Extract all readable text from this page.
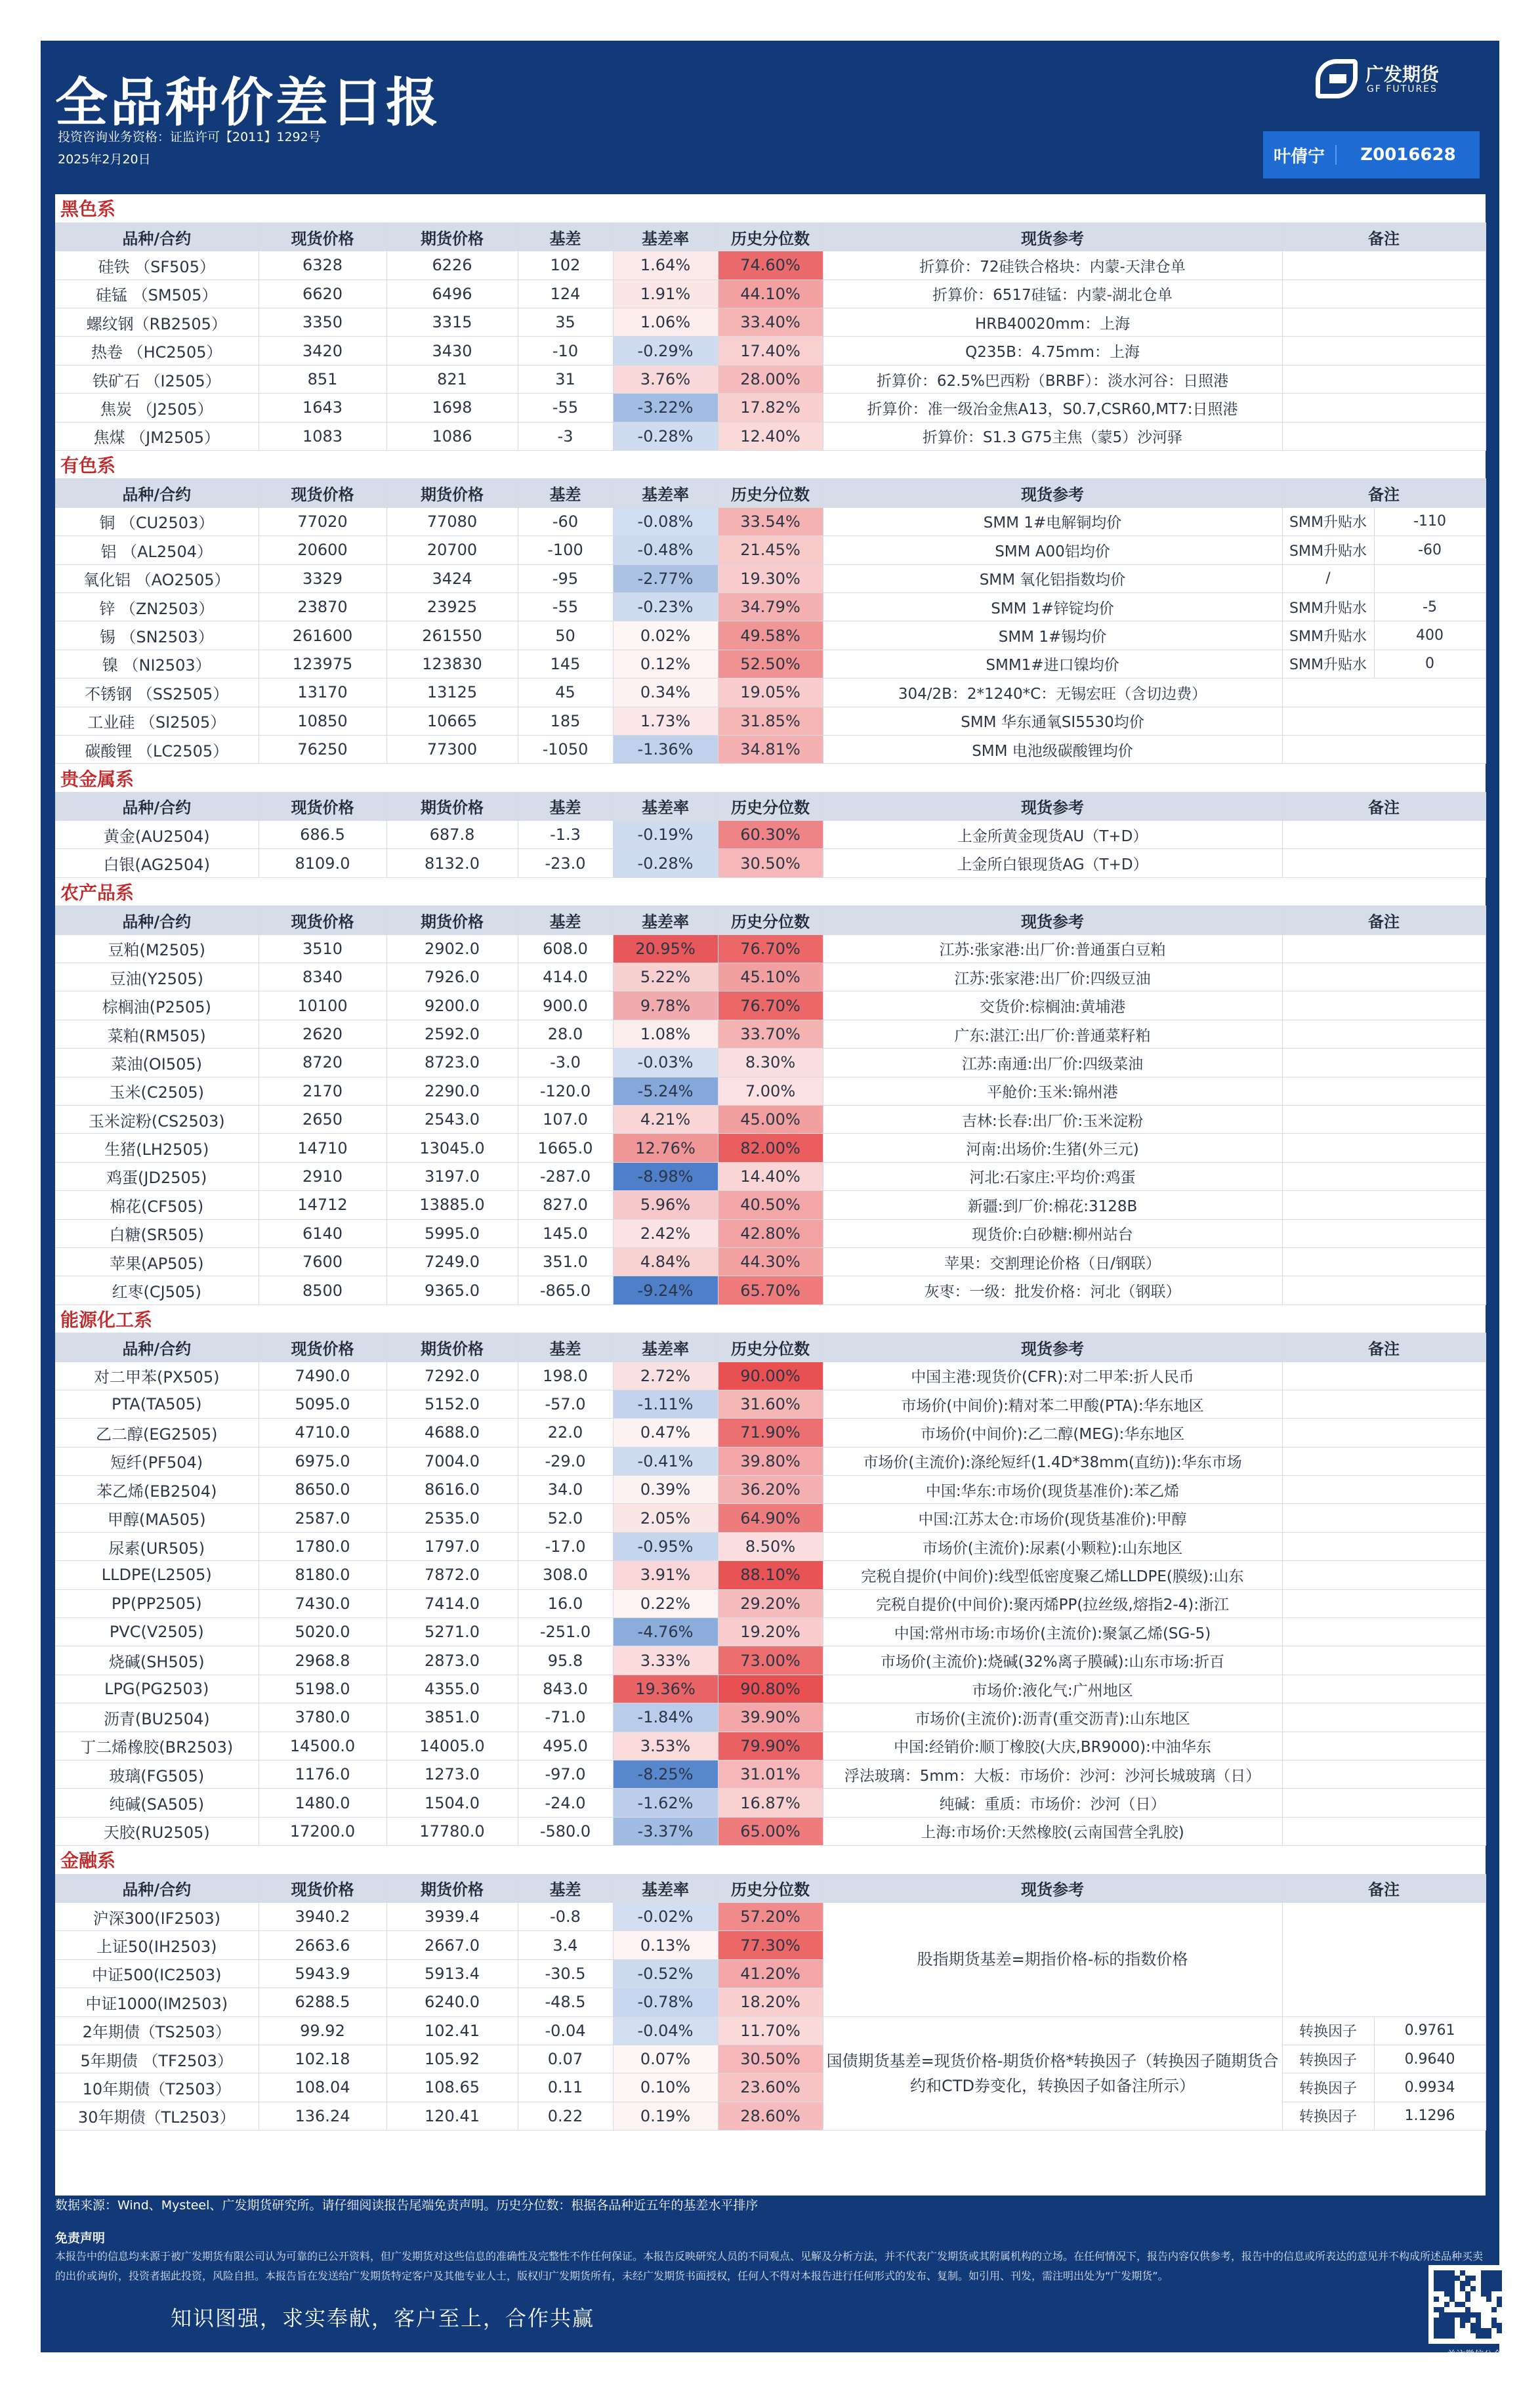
全品种价差日报
投资咨询业务资格：证监许可【2011】1292号
2025年2月20日
广发期货
GF FUTURES
叶倩宁	Z0016628
黑色系								
品种/合约	现货价格	期货价格	基差	基差率	历史分位数	现货参考	备注	
硅铁 （SF505）	6328	6226	102	1.64%	74.60%	折算价：72硅铁合格块：内蒙-天津仓单		
硅锰 （SM505）	6620	6496	124	1.91%	44.10%	折算价：6517硅锰：内蒙-湖北仓单		
螺纹钢（RB2505）	3350	3315	35	1.06%	33.40%	HRB40020mm：上海		
热卷 （HC2505）	3420	3430	-10	-0.29%	17.40%	Q235B：4.75mm：上海		
铁矿石 （I2505）	851	821	31	3.76%	28.00%	折算价：62.5%巴西粉（BRBF）：淡水河谷：日照港		
焦炭 （J2505）	1643	1698	-55	-3.22%	17.82%	折算价：准一级冶金焦A13，S0.7,CSR60,MT7:日照港		
焦煤 （JM2505）	1083	1086	-3	-0.28%	12.40%	折算价：S1.3 G75主焦（蒙5）沙河驿		
有色系								
品种/合约	现货价格	期货价格	基差	基差率	历史分位数	现货参考	备注	
铜 （CU2503）	77020	77080	-60	-0.08%	33.54%	SMM 1#电解铜均价	SMM升贴水	-110
铝 （AL2504）	20600	20700	-100	-0.48%	21.45%	SMM A00铝均价	SMM升贴水	-60
氧化铝 （AO2505）	3329	3424	-95	-2.77%	19.30%	SMM 氧化铝指数均价	/	
锌 （ZN2503）	23870	23925	-55	-0.23%	34.79%	SMM 1#锌锭均价	SMM升贴水	-5
锡 （SN2503）	261600	261550	50	0.02%	49.58%	SMM 1#锡均价	SMM升贴水	400
镍 （NI2503）	123975	123830	145	0.12%	52.50%	SMM1#进口镍均价	SMM升贴水	0
不锈钢 （SS2505）	13170	13125	45	0.34%	19.05%	304/2B：2*1240*C：无锡宏旺（含切边费）		
工业硅 （SI2505）	10850	10665	185	1.73%	31.85%	SMM 华东通氧SI5530均价		
碳酸锂 （LC2505）	76250	77300	-1050	-1.36%	34.81%	SMM 电池级碳酸锂均价		
贵金属系								
品种/合约	现货价格	期货价格	基差	基差率	历史分位数	现货参考	备注	
黄金(AU2504)	686.5	687.8	-1.3	-0.19%	60.30%	上金所黄金现货AU（T+D）		
白银(AG2504)	8109.0	8132.0	-23.0	-0.28%	30.50%	上金所白银现货AG（T+D）		
农产品系								
品种/合约	现货价格	期货价格	基差	基差率	历史分位数	现货参考	备注	
豆粕(M2505)	3510	2902.0	608.0	20.95%	76.70%	江苏:张家港:出厂价:普通蛋白豆粕		
豆油(Y2505)	8340	7926.0	414.0	5.22%	45.10%	江苏:张家港:出厂价:四级豆油		
棕榈油(P2505)	10100	9200.0	900.0	9.78%	76.70%	交货价:棕榈油:黄埔港		
菜粕(RM505)	2620	2592.0	28.0	1.08%	33.70%	广东:湛江:出厂价:普通菜籽粕		
菜油(OI505)	8720	8723.0	-3.0	-0.03%	8.30%	江苏:南通:出厂价:四级菜油		
玉米(C2505)	2170	2290.0	-120.0	-5.24%	7.00%	平舱价:玉米:锦州港		
玉米淀粉(CS2503)	2650	2543.0	107.0	4.21%	45.00%	吉林:长春:出厂价:玉米淀粉		
生猪(LH2505)	14710	13045.0	1665.0	12.76%	82.00%	河南:出场价:生猪(外三元)		
鸡蛋(JD2505)	2910	3197.0	-287.0	-8.98%	14.40%	河北:石家庄:平均价:鸡蛋		
棉花(CF505)	14712	13885.0	827.0	5.96%	40.50%	新疆:到厂价:棉花:3128B		
白糖(SR505)	6140	5995.0	145.0	2.42%	42.80%	现货价:白砂糖:柳州站台		
苹果(AP505)	7600	7249.0	351.0	4.84%	44.30%	苹果：交割理论价格（日/钢联）		
红枣(CJ505)	8500	9365.0	-865.0	-9.24%	65.70%	灰枣：一级：批发价格：河北（钢联）		
能源化工系								
品种/合约	现货价格	期货价格	基差	基差率	历史分位数	现货参考	备注	
对二甲苯(PX505)	7490.0	7292.0	198.0	2.72%	90.00%	中国主港:现货价(CFR):对二甲苯:折人民币		
PTA(TA505)	5095.0	5152.0	-57.0	-1.11%	31.60%	市场价(中间价):精对苯二甲酸(PTA):华东地区		
乙二醇(EG2505)	4710.0	4688.0	22.0	0.47%	71.90%	市场价(中间价):乙二醇(MEG):华东地区		
短纤(PF504)	6975.0	7004.0	-29.0	-0.41%	39.80%	市场价(主流价):涤纶短纤(1.4D*38mm(直纺)):华东市场		
苯乙烯(EB2504)	8650.0	8616.0	34.0	0.39%	36.20%	中国:华东:市场价(现货基准价):苯乙烯		
甲醇(MA505)	2587.0	2535.0	52.0	2.05%	64.90%	中国:江苏太仓:市场价(现货基准价):甲醇		
尿素(UR505)	1780.0	1797.0	-17.0	-0.95%	8.50%	市场价(主流价):尿素(小颗粒):山东地区		
LLDPE(L2505)	8180.0	7872.0	308.0	3.91%	88.10%	完税自提价(中间价):线型低密度聚乙烯LLDPE(膜级):山东		
PP(PP2505)	7430.0	7414.0	16.0	0.22%	29.20%	完税自提价(中间价):聚丙烯PP(拉丝级,熔指2-4):浙江		
PVC(V2505)	5020.0	5271.0	-251.0	-4.76%	19.20%	中国:常州市场:市场价(主流价):聚氯乙烯(SG-5)		
烧碱(SH505)	2968.8	2873.0	95.8	3.33%	73.00%	市场价(主流价):烧碱(32%离子膜碱):山东市场:折百		
LPG(PG2503)	5198.0	4355.0	843.0	19.36%	90.80%	市场价:液化气:广州地区		
沥青(BU2504)	3780.0	3851.0	-71.0	-1.84%	39.90%	市场价(主流价):沥青(重交沥青):山东地区		
丁二烯橡胶(BR2503)	14500.0	14005.0	495.0	3.53%	79.90%	中国:经销价:顺丁橡胶(大庆,BR9000):中油华东		
玻璃(FG505)	1176.0	1273.0	-97.0	-8.25%	31.01%	浮法玻璃：5mm：大板：市场价：沙河：沙河长城玻璃（日）		
纯碱(SA505)	1480.0	1504.0	-24.0	-1.62%	16.87%	纯碱：重质：市场价：沙河（日）		
天胶(RU2505)	17200.0	17780.0	-580.0	-3.37%	65.00%	上海:市场价:天然橡胶(云南国营全乳胶)		
金融系								
品种/合约	现货价格	期货价格	基差	基差率	历史分位数	现货参考	备注	
沪深300(IF2503)	3940.2	3939.4	-0.8	-0.02%	57.20%	股指期货基差=期指价格-标的指数价格		
上证50(IH2503)	2663.6	2667.0	3.4	0.13%	77.30%			
中证500(IC2503)	5943.9	5913.4	-30.5	-0.52%	41.20%			
中证1000(IM2503)	6288.5	6240.0	-48.5	-0.78%	18.20%			
2年期债（TS2503）	99.92	102.41	-0.04	-0.04%	11.70%	国债期货基差=现货价格-期货价格*转换因子（转换因子随期货合约和CTD券变化，转换因子如备注所示）	转换因子	0.9761
5年期债 （TF2503）	102.18	105.92	0.07	0.07%	30.50%		转换因子	0.9640
10年期债（T2503）	108.04	108.65	0.11	0.10%	23.60%		转换因子	0.9934
30年期债（TL2503）	136.24	120.41	0.22	0.19%	28.60%		转换因子	1.1296
数据来源：Wind、Mysteel、广发期货研究所。请仔细阅读报告尾端免责声明。历史分位数：根据各品种近五年的基差水平排序
免责声明
本报告中的信息均来源于被广发期货有限公司认为可靠的已公开资料，但广发期货对这些信息的准确性及完整性不作任何保证。本报告反映研究人员的不同观点、见解及分析方法，并不代表广发期货或其附属机构的立场。在任何情况下，报告内容仅供参考，报告中的信息或所表达的意见并不构成所述品种买卖的出价或询价，投资者据此投资，风险自担。本报告旨在发送给广发期货特定客户及其他专业人士，版权归广发期货所有，未经广发期货书面授权，任何人不得对本报告进行任何形式的发布、复制。如引用、刊发，需注明出处为“广发期货”。
知识图强，求实奉献，客户至上，合作共赢
关注微信公众号
